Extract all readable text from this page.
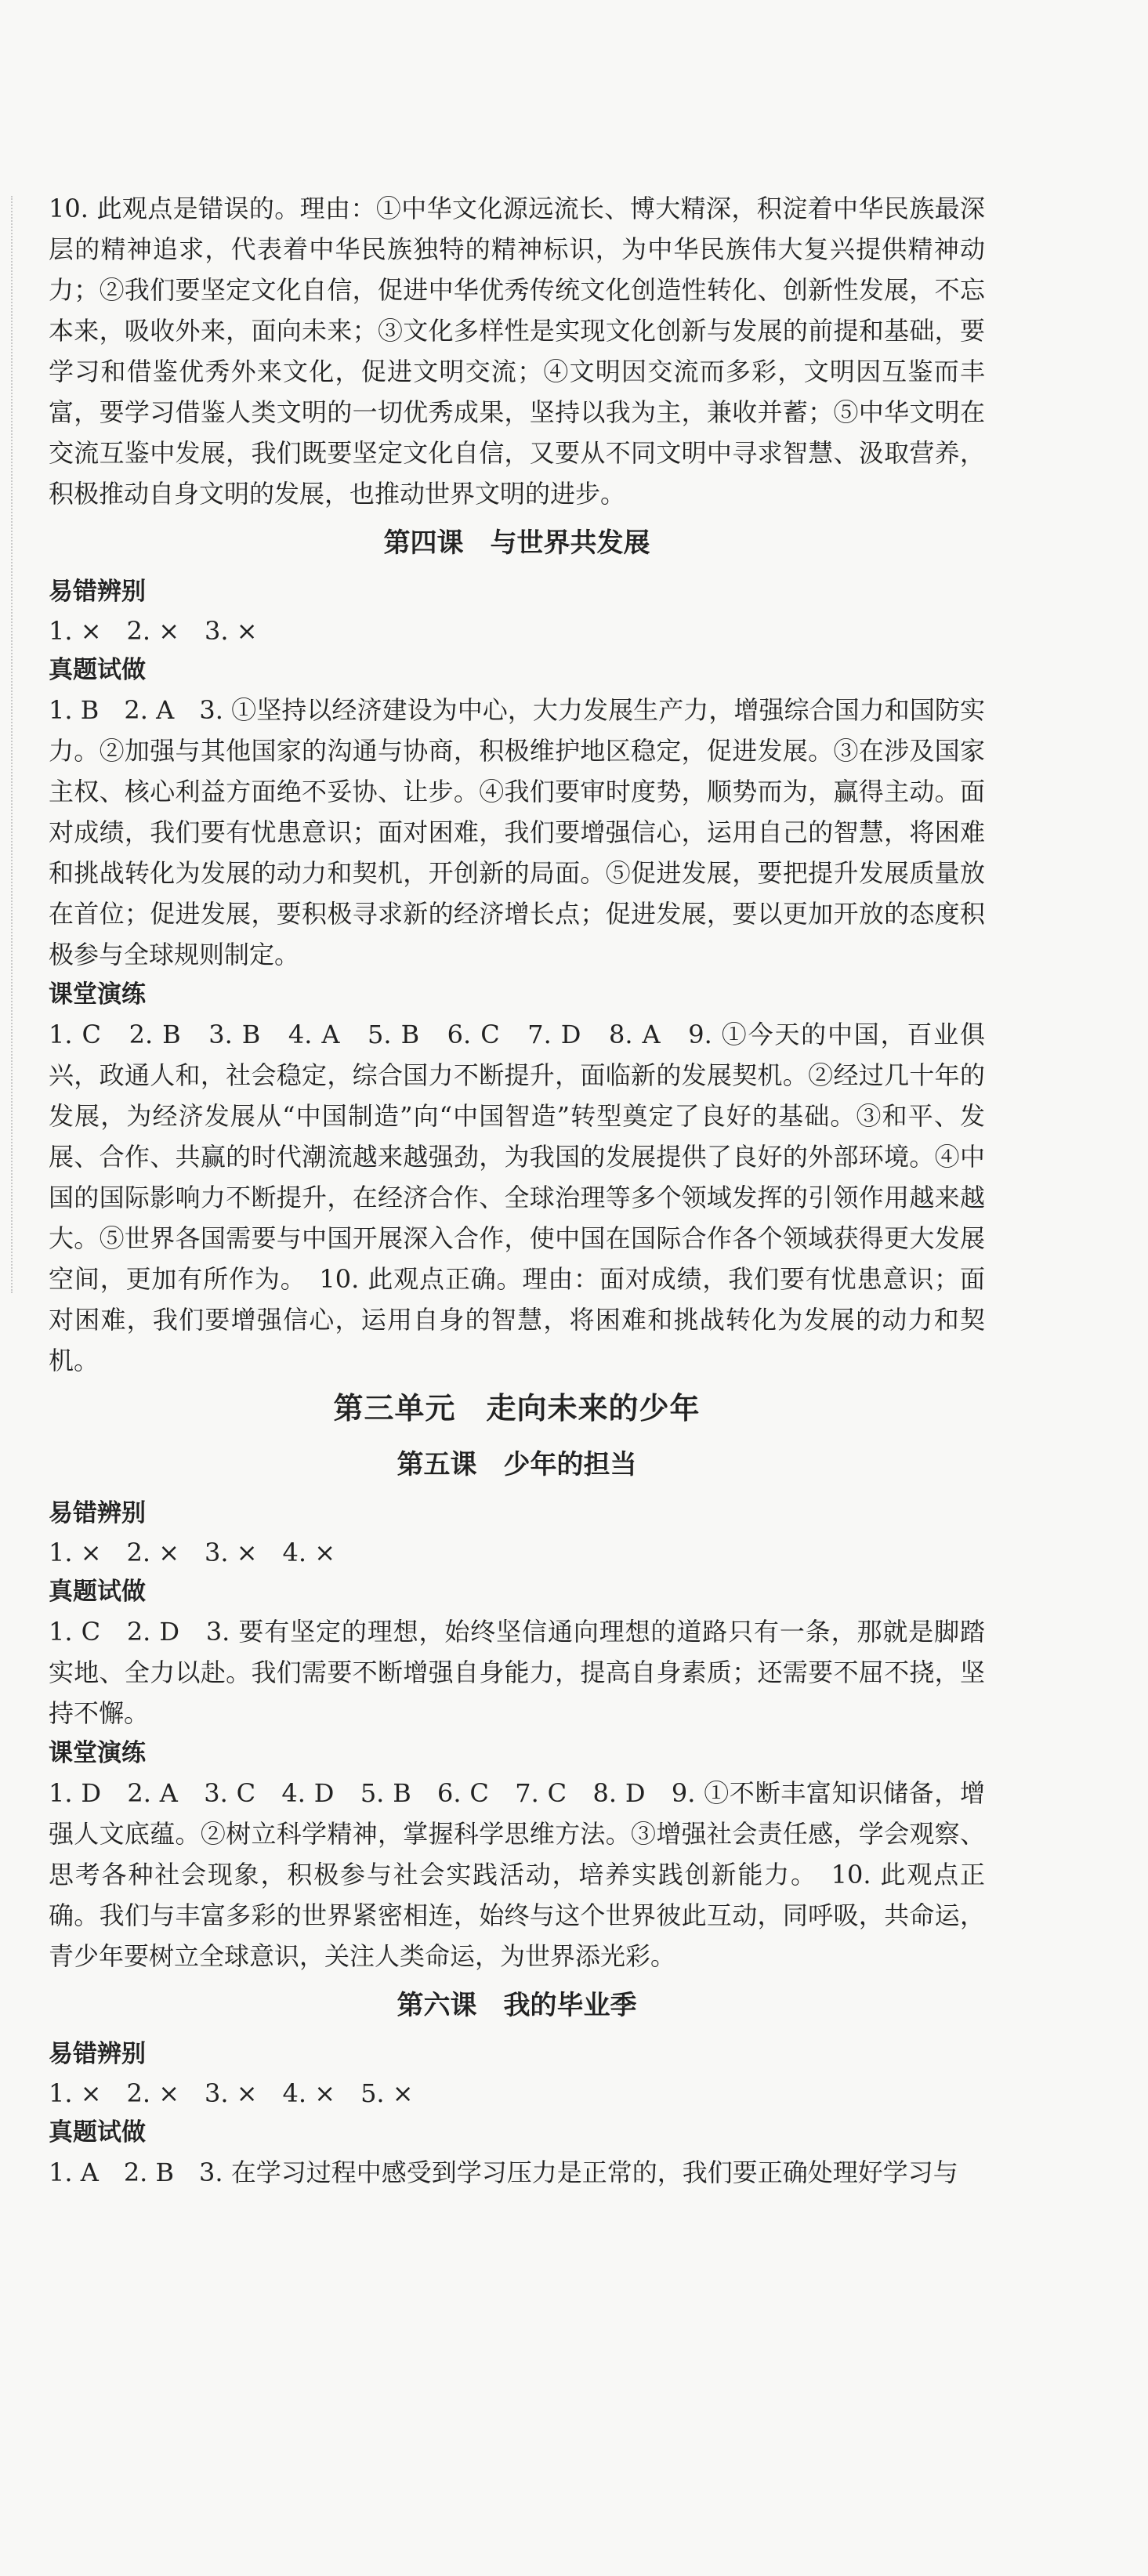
10. 此观点是错误的。理由：①中华文化源远流长、博大精深，积淀着中华民族最深层的精神追求，代表着中华民族独特的精神标识，为中华民族伟大复兴提供精神动力；②我们要坚定文化自信，促进中华优秀传统文化创造性转化、创新性发展，不忘本来，吸收外来，面向未来；③文化多样性是实现文化创新与发展的前提和基础，要学习和借鉴优秀外来文化，促进文明交流；④文明因交流而多彩，文明因互鉴而丰富，要学习借鉴人类文明的一切优秀成果，坚持以我为主，兼收并蓄；⑤中华文明在交流互鉴中发展，我们既要坚定文化自信，又要从不同文明中寻求智慧、汲取营养，积极推动自身文明的发展，也推动世界文明的进步。

第四课　与世界共发展
易错辨别

1. ×　2. ×　3. ×

真题试做

1. B　2. A　3. ①坚持以经济建设为中心，大力发展生产力，增强综合国力和国防实力。②加强与其他国家的沟通与协商，积极维护地区稳定，促进发展。③在涉及国家主权、核心利益方面绝不妥协、让步。④我们要审时度势，顺势而为，赢得主动。面对成绩，我们要有忧患意识；面对困难，我们要增强信心，运用自己的智慧，将困难和挑战转化为发展的动力和契机，开创新的局面。⑤促进发展，要把提升发展质量放在首位；促进发展，要积极寻求新的经济增长点；促进发展，要以更加开放的态度积极参与全球规则制定。

课堂演练

1. C　2. B　3. B　4. A　5. B　6. C　7. D　8. A　9. ①今天的中国，百业俱兴，政通人和，社会稳定，综合国力不断提升，面临新的发展契机。②经过几十年的发展，为经济发展从“中国制造”向“中国智造”转型奠定了良好的基础。③和平、发展、合作、共赢的时代潮流越来越强劲，为我国的发展提供了良好的外部环境。④中国的国际影响力不断提升，在经济合作、全球治理等多个领域发挥的引领作用越来越大。⑤世界各国需要与中国开展深入合作，使中国在国际合作各个领域获得更大发展空间，更加有所作为。　10. 此观点正确。理由：面对成绩，我们要有忧患意识；面对困难，我们要增强信心，运用自身的智慧，将困难和挑战转化为发展的动力和契机。

第三单元　走向未来的少年
第五课　少年的担当
易错辨别

1. ×　2. ×　3. ×　4. ×

真题试做

1. C　2. D　3. 要有坚定的理想，始终坚信通向理想的道路只有一条，那就是脚踏实地、全力以赴。我们需要不断增强自身能力，提高自身素质；还需要不屈不挠，坚持不懈。

课堂演练

1. D　2. A　3. C　4. D　5. B　6. C　7. C　8. D　9. ①不断丰富知识储备，增强人文底蕴。②树立科学精神，掌握科学思维方法。③增强社会责任感，学会观察、思考各种社会现象，积极参与社会实践活动，培养实践创新能力。　10. 此观点正确。我们与丰富多彩的世界紧密相连，始终与这个世界彼此互动，同呼吸，共命运，青少年要树立全球意识，关注人类命运，为世界添光彩。

第六课　我的毕业季
易错辨别

1. ×　2. ×　3. ×　4. ×　5. ×

真题试做

1. A　2. B　3. 在学习过程中感受到学习压力是正常的，我们要正确处理好学习与
